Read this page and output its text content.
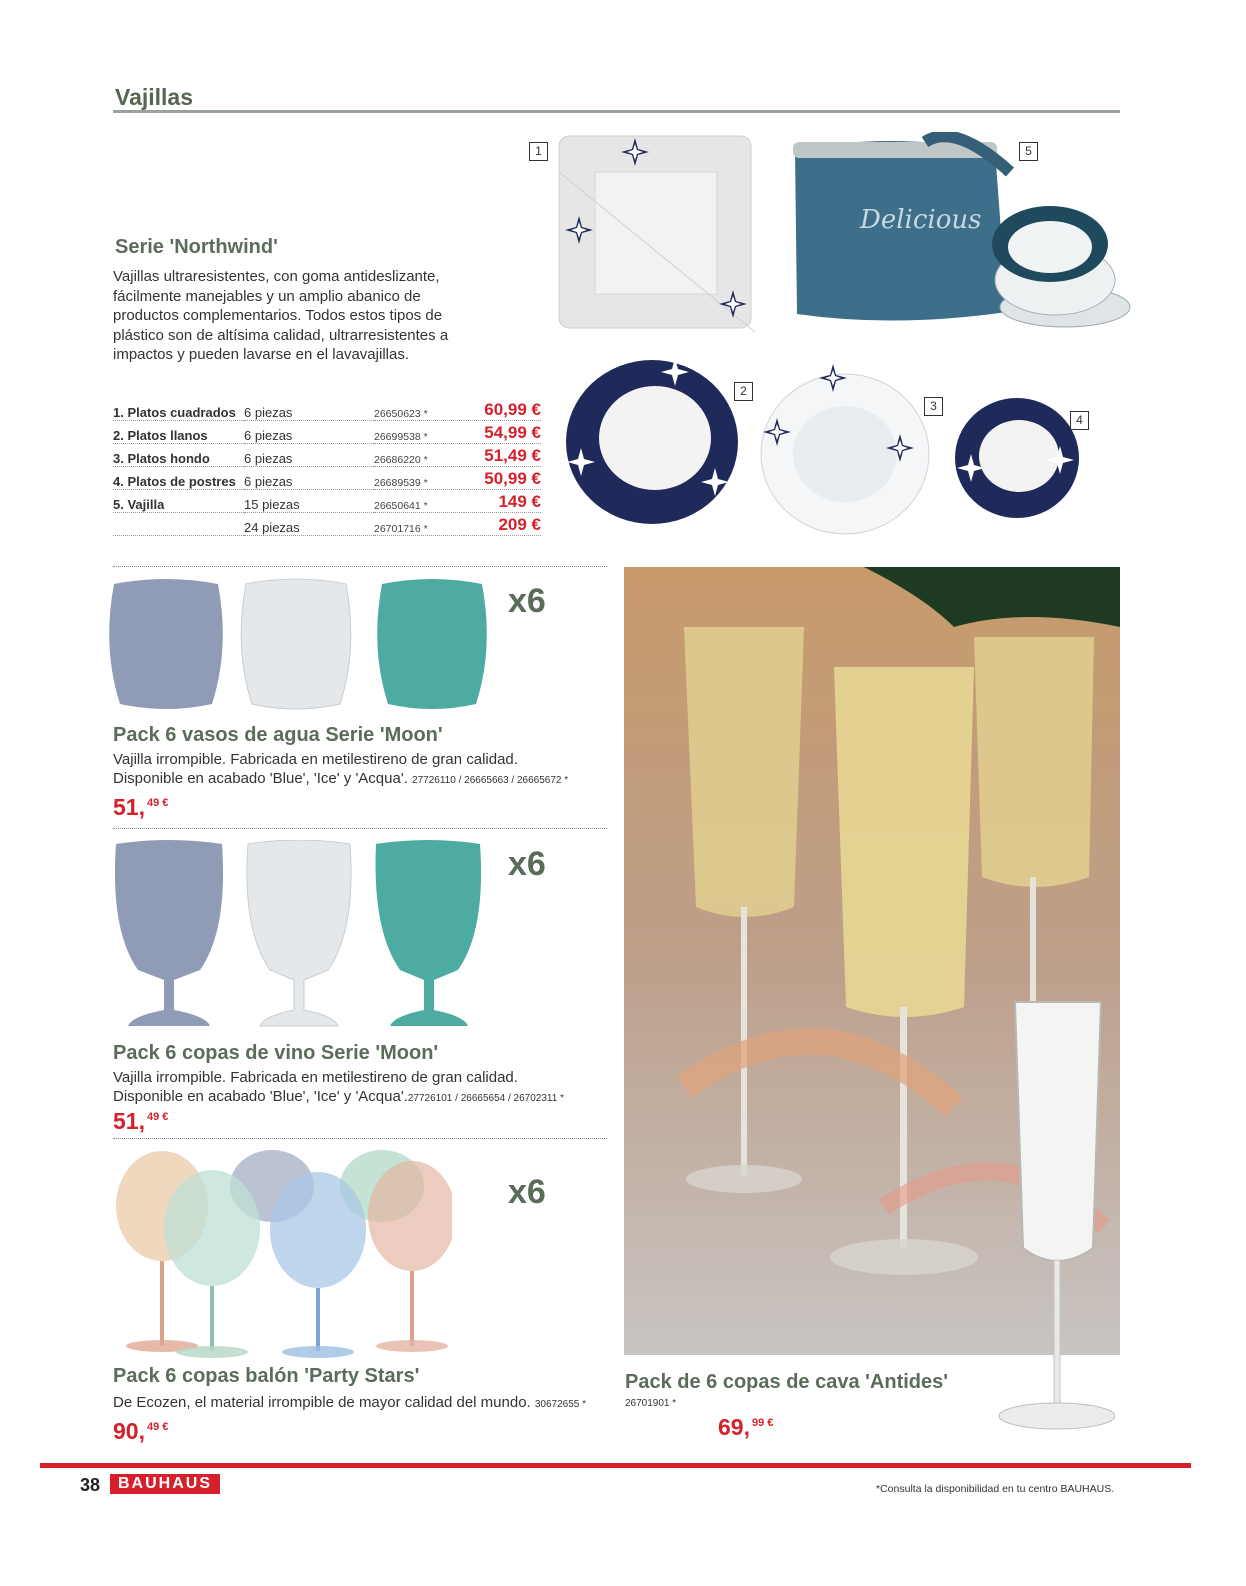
Vajillas
Serie 'Northwind'
Vajillas ultraresistentes, con goma antideslizante, fácilmente manejables y un amplio abanico de productos complementarios. Todos estos tipos de plástico son de altísima calidad, ultrarresistentes a impactos y pueden lavarse en el lavavajillas.
1. Platos cuadrados	6 piezas	26650623 *	60,99 €
2. Platos llanos	6 piezas	26699538 *	54,99 €
3. Platos hondo	6 piezas	26686220 *	51,49 €
4. Platos de postres	6 piezas	26689539 *	50,99 €
5. Vajilla	15 piezas	26650641 *	149 €
	24 piezas	26701716 *	209 €
Delicious
1
2
3
4
5
x6
Pack 6 vasos de agua Serie 'Moon'
Vajilla irrompible. Fabricada en metilestireno de gran calidad.
Disponible en acabado 'Blue', 'Ice' y 'Acqua'. 27726110 / 26665663 / 26665672 *
51, $^{49 €}$
x6
Pack 6 copas de vino Serie 'Moon'
Vajilla irrompible. Fabricada en metilestireno de gran calidad.
Disponible en acabado 'Blue', 'Ice' y 'Acqua'.27726101 / 26665654 / 26702311 *
51, $^{49 €}$
x6
Pack 6 copas balón 'Party Stars'
De Ecozen, el material irrompible de mayor calidad del mundo. 30672655 *
90, $^{49 €}$
Pack de 6 copas de cava 'Antides'
26701901 *
69, $^{99 €}$
38	BAUHAUS	*Consulta la disponibilidad en tu centro BAUHAUS.
